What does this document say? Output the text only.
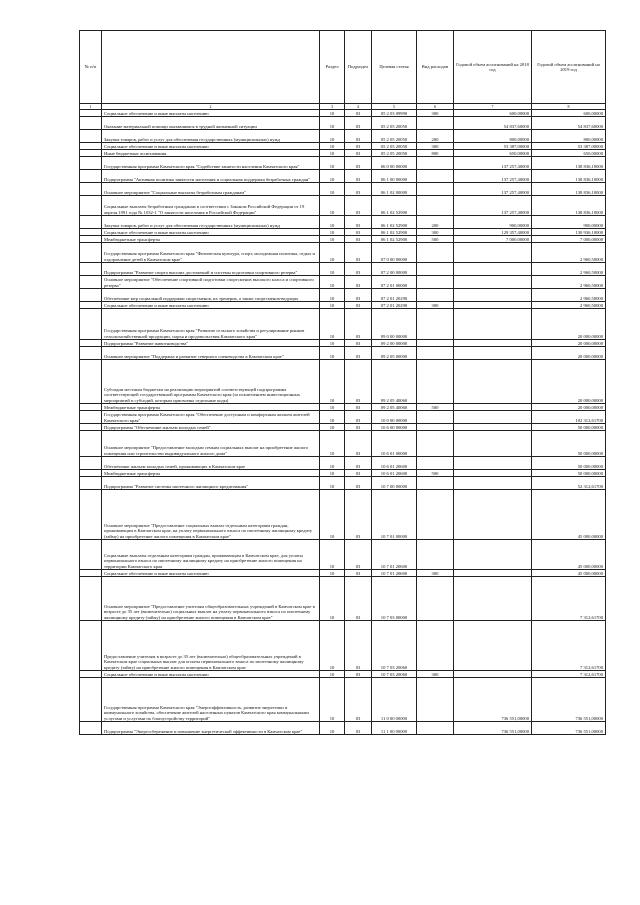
№ п/п		Раздел	Подраздел	Целевая статья	Вид расходов	Годовой объем ассигнований на 2018 год	Годовой объем ассигнований на 2019 год
1	2	3	4	5	6	7	8
	Социальное обеспечение и иные выплаты населению	10	03	05 2 03 09990	300	600,00000	600,00000
	Оказание материальной помощи оказавшимся в трудной жизненной ситуации	10	03	05 2 05 20050		54 837,60000	54 837,60000
	Закупка товаров, работ и услуг для обеспечения государственных (муниципальных) нужд	10	03	05 2 05 20050	200	800,00000	800,00000
	Социальное обеспечение и иные выплаты населению	10	03	05 2 05 20050	300	53 387,00000	53 387,00000
	Иные бюджетные ассигнования	10	03	05 2 05 20050	800	650,00000	650,00000
	Государственная программа Камчатского края "Содействие занятости населения Камчатского края"	10	03	06 0 00 00000		137 257,40000	138 836,10000
	Подпрограмма "Активная политика занятости населения и социальная поддержка безработных граждан"	10	03	06 1 00 00000		137 257,40000	138 836,10000
	Основное мероприятие "Социальные выплаты безработным гражданам"	10	03	06 1 02 00000		137 257,40000	138 836,10000
	Социальные выплаты безработным гражданам в соответствии с Законом Российской Федерации от 19 апреля 1991 года № 1032-1 "О занятости населения в Российской Федерации"	10	03	06 1 02 52900		137 257,40000	138 836,10000
	Закупка товаров, работ и услуг для обеспечения государственных (муниципальных) нужд	10	03	06 1 02 52900	200	900,00000	900,00000
	Социальное обеспечение и иные выплаты населению	10	03	06 1 02 52900	300	129 357,40000	130 936,10000
	Межбюджетные трансферты	10	03	06 1 02 52900	500	7 000,00000	7 000,00000
	Государственная программа Камчатского края "Физическая культура, спорт, молодежная политика, отдых и оздоровление детей в Камчатском крае"	10	03	07 0 00 00000			2 960,50000
	Подпрограмма "Развитие спорта высших достижений и системы подготовки спортивного резерва"	10	03	07 2 00 00000			2 960,50000
	Основное мероприятие "Обеспечение спортивной подготовки спортсменов высокого класса и спортивного резерва"	10	03	07 2 01 00000			2 960,50000
	Обеспечение мер социальной поддержки спортсменов, их тренеров, а также спортсменов-ведущих	10	03	07 2 01 20290			2 960,50000
	Социальное обеспечение и иные выплаты населению	10	03	07 2 01 20290	300		2 960,50000
	Государственная программа Камчатского края "Развитие сельского хозяйства и регулирование рынков сельскохозяйственной продукции, сырья и продовольствия Камчатского края"	10	03	09 0 00 00000			20 000,00000
	Подпрограмма "Развитие животноводства"	10	03	09 2 00 00000			20 000,00000
	Основное мероприятие "Поддержка и развитие северного оленеводства в Камчатском крае"	10	03	09 2 05 00000			20 000,00000
	Субсидии местным бюджетам на реализацию мероприятий соответствующей подпрограммы соответствующей государственной программы Камчатского края (за исключением инвестиционных мероприятий и субсидий, которым присвоены отдельные коды)	10	03	09 2 05 40060			20 000,00000
	Межбюджетные трансферты	10	03	09 2 05 40060	500		20 000,00000
	Государственная программа Камчатского края "Обеспечение доступным и комфортным жильем жителей Камчатского края"	10	03	10 0 00 00000			102 312,61700
	Подпрограмма "Обеспечение жильем молодых семей"	10	03	10 6 00 00000			50 000,00000
	Основное мероприятие "Предоставление молодым семьям социальных выплат на приобретение жилого помещения или строительство индивидуального жилого дома"	10	03	10 6 01 00000			50 000,00000
	Обеспечение жильем молодых семей, проживающих в Камчатском крае	10	03	10 6 01 20600			50 000,00000
	Межбюджетные трансферты	10	03	10 6 01 20600	500		50 000,00000
	Подпрограмма "Развитие системы ипотечного жилищного кредитования"	10	03	10 7 00 00000			52 312,61700
	Основное мероприятие "Предоставление социальных выплат отдельным категориям граждан, проживающим в Камчатском крае, на уплату первоначального взноса по ипотечному жилищному кредиту (займу) на приобретение жилого помещения в Камчатском крае"	10	03	10 7 01 00000			45 000,00000
	Социальные выплаты отдельным категориям граждан, проживающим в Камчатском крае, для уплаты первоначального взноса по ипотечному жилищному кредиту на приобретение жилого помещения на территории Камчатского края	10	03	10 7 01 20600			45 000,00000
	Социальное обеспечение и иные выплаты населению	10	03	10 7 01 20600	300		45 000,00000
	Основное мероприятие "Предоставление учителям общеобразовательных учреждений в Камчатском крае в возрасте до 35 лет (включительно) социальных выплат на уплату первоначального взноса по ипотечному жилищному кредиту (займу) на приобретение жилого помещения в Камчатском крае"	10	03	10 7 03 00000			7 312,61700
	Предоставление учителям в возрасте до 35 лет (включительно) общеобразовательных учреждений в Камчатском крае социальных выплат для оплаты первоначального взноса по ипотечному жилищному кредиту (займу) на приобретение жилого помещения в Камчатском крае	10	03	10 7 03 20060			7 312,61700
	Социальное обеспечение и иные выплаты населению	10	03	10 7 03 20060	300		7 312,61700
	Государственная программа Камчатского края "Энергоэффективность, развитие энергетики и коммунального хозяйства, обеспечение жителей населенных пунктов Камчатского края коммунальными услугами и услугами по благоустройству территорий"	10	03	11 0 00 00000		736 551,00000	736 551,00000
	Подпрограмма "Энергосбережение и повышение энергетической эффективности в Камчатском крае"	10	03	11 1 00 00000		736 551,00000	736 551,00000
